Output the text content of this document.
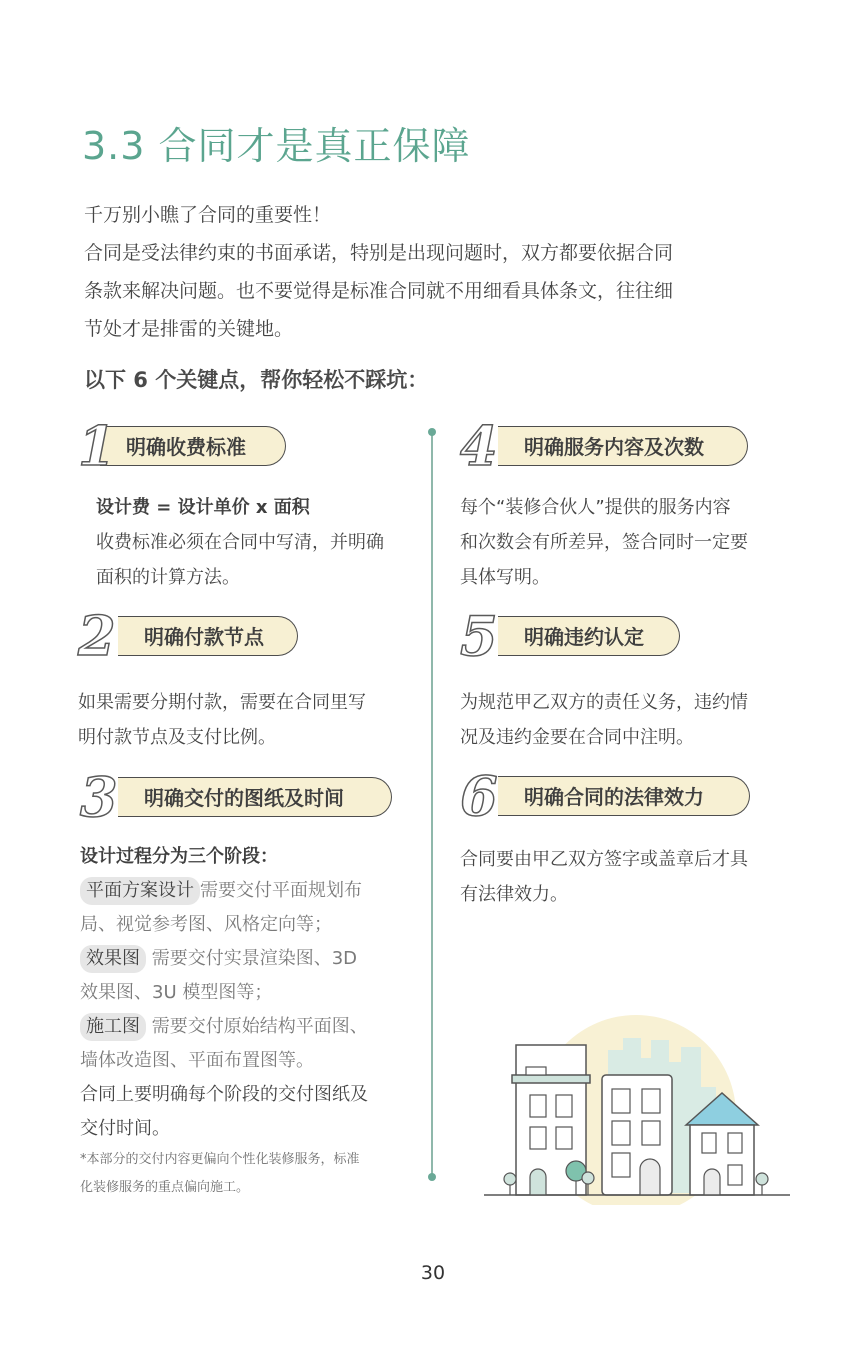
3.3 合同才是真正保障

千万别小瞧了合同的重要性！

合同是受法律约束的书面承诺，特别是出现问题时，双方都要依据合同

条款来解决问题。也不要觉得是标准合同就不用细看具体条文，往往细

节处才是排雷的关键地。

以下 6 个关键点，帮你轻松不踩坑：
明确收费标准
1

设计费 = 设计单价 x 面积

收费标准必须在合同中写清，并明确

面积的计算方法。

明确付款节点
2

如果需要分期付款，需要在合同里写

明付款节点及支付比例。

明确交付的图纸及时间
3

设计过程分为三个阶段：

平面方案设计 需要交付平面规划布

局、视觉参考图、风格定向等；

效果图 需要交付实景渲染图、3D

效果图、3U 模型图等；

施工图 需要交付原始结构平面图、

墙体改造图、平面布置图等。

合同上要明确每个阶段的交付图纸及

交付时间。

*本部分的交付内容更偏向个性化装修服务，标准

化装修服务的重点偏向施工。

明确服务内容及次数
4

每个“装修合伙人”提供的服务内容

和次数会有所差异，签合同时一定要

具体写明。

明确违约认定
5

为规范甲乙双方的责任义务，违约情

况及违约金要在合同中注明。

明确合同的法律效力
6

合同要由甲乙双方签字或盖章后才具

有法律效力。

30
